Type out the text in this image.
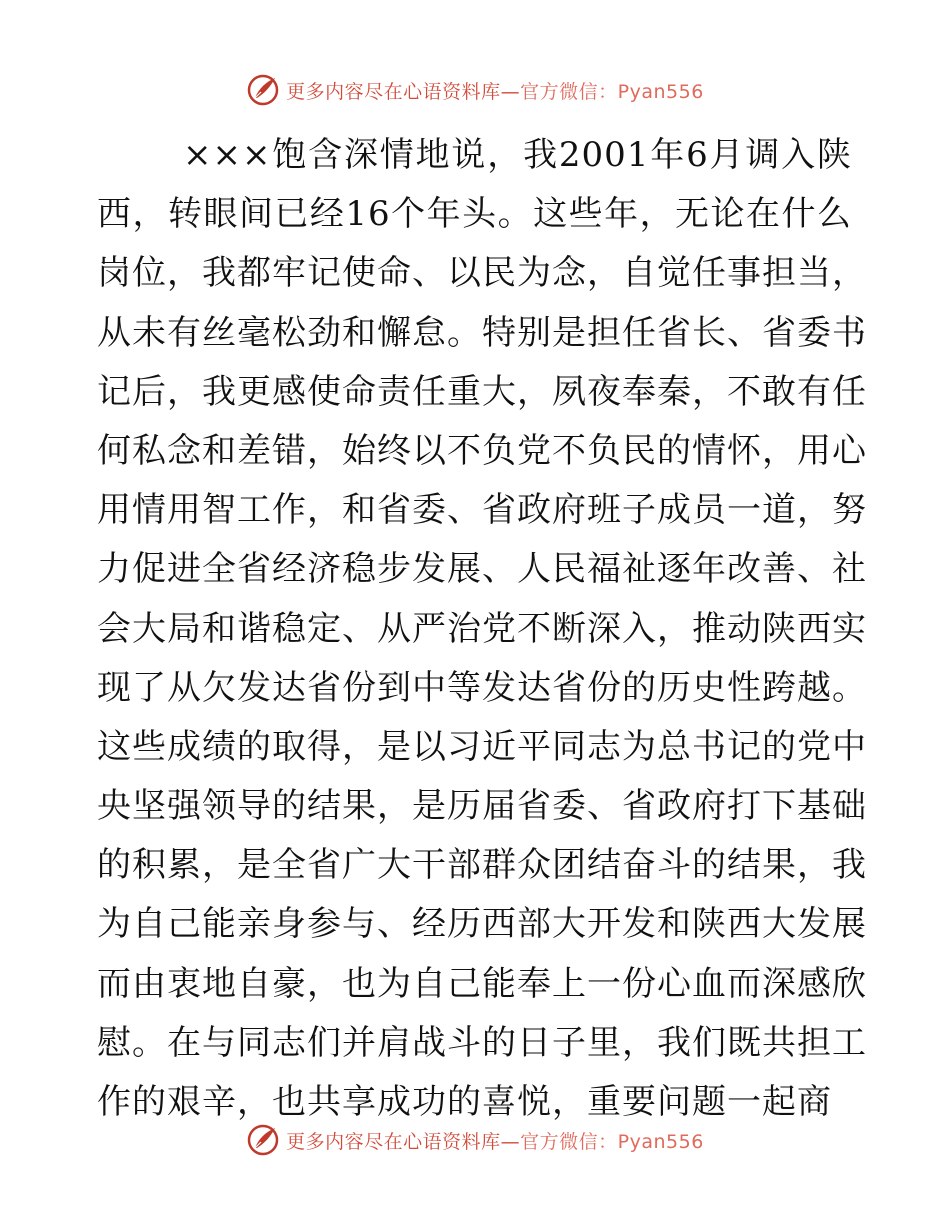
更多内容尽在心语资料库—官方微信：Pyan556
×××饱含深情地说，我2001年6月调入陕
西，转眼间已经16个年头。这些年，无论在什么
岗位，我都牢记使命、以民为念，自觉任事担当，
从未有丝毫松劲和懈怠。特别是担任省长、省委书
记后，我更感使命责任重大，夙夜奉秦，不敢有任
何私念和差错，始终以不负党不负民的情怀，用心
用情用智工作，和省委、省政府班子成员一道，努
力促进全省经济稳步发展、人民福祉逐年改善、社
会大局和谐稳定、从严治党不断深入，推动陕西实
现了从欠发达省份到中等发达省份的历史性跨越。
这些成绩的取得，是以习近平同志为总书记的党中
央坚强领导的结果，是历届省委、省政府打下基础
的积累，是全省广大干部群众团结奋斗的结果，我
为自己能亲身参与、经历西部大开发和陕西大发展
而由衷地自豪，也为自己能奉上一份心血而深感欣
慰。在与同志们并肩战斗的日子里，我们既共担工
作的艰辛，也共享成功的喜悦，重要问题一起商
更多内容尽在心语资料库—官方微信：Pyan556
